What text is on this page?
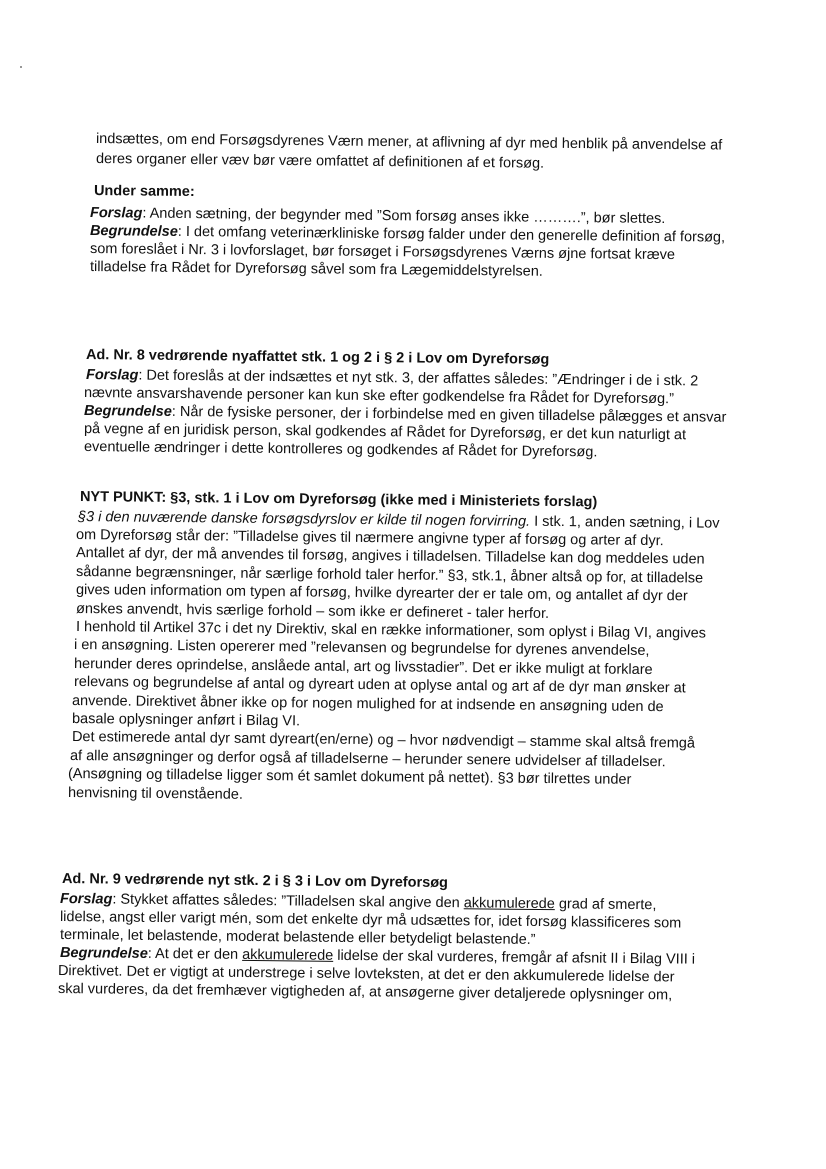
indsættes, om end Forsøgsdyrenes Værn mener, at aflivning af dyr med henblik på anvendelse af
deres organer eller væv bør være omfattet af definitionen af et forsøg.
Under samme:
Forslag: Anden sætning, der begynder med ”Som forsøg anses ikke ……….”, bør slettes.
Begrundelse: I det omfang veterinærkliniske forsøg falder under den generelle definition af forsøg,
som foreslået i Nr. 3 i lovforslaget, bør forsøget i Forsøgsdyrenes Værns øjne fortsat kræve
tilladelse fra Rådet for Dyreforsøg såvel som fra Lægemiddelstyrelsen.
Ad. Nr. 8 vedrørende nyaffattet stk. 1 og 2 i § 2 i Lov om Dyreforsøg
Forslag: Det foreslås at der indsættes et nyt stk. 3, der affattes således: ”Ændringer i de i stk. 2
nævnte ansvarshavende personer kan kun ske efter godkendelse fra Rådet for Dyreforsøg.”
Begrundelse: Når de fysiske personer, der i forbindelse med en given tilladelse pålægges et ansvar
på vegne af en juridisk person, skal godkendes af Rådet for Dyreforsøg, er det kun naturligt at
eventuelle ændringer i dette kontrolleres og godkendes af Rådet for Dyreforsøg.
NYT PUNKT: §3, stk. 1 i Lov om Dyreforsøg (ikke med i Ministeriets forslag)
§3 i den nuværende danske forsøgsdyrslov er kilde til nogen forvirring. I stk. 1, anden sætning, i Lov
om Dyreforsøg står der: ”Tilladelse gives til nærmere angivne typer af forsøg og arter af dyr.
Antallet af dyr, der må anvendes til forsøg, angives i tilladelsen. Tilladelse kan dog meddeles uden
sådanne begrænsninger, når særlige forhold taler herfor.” §3, stk.1, åbner altså op for, at tilladelse
gives uden information om typen af forsøg, hvilke dyrearter der er tale om, og antallet af dyr der
ønskes anvendt, hvis særlige forhold – som ikke er defineret - taler herfor.
I henhold til Artikel 37c i det ny Direktiv, skal en række informationer, som oplyst i Bilag VI, angives
i en ansøgning. Listen opererer med ”relevansen og begrundelse for dyrenes anvendelse,
herunder deres oprindelse, anslåede antal, art og livsstadier”. Det er ikke muligt at forklare
relevans og begrundelse af antal og dyreart uden at oplyse antal og art af de dyr man ønsker at
anvende. Direktivet åbner ikke op for nogen mulighed for at indsende en ansøgning uden de
basale oplysninger anført i Bilag VI.
Det estimerede antal dyr samt dyreart(en/erne) og – hvor nødvendigt – stamme skal altså fremgå
af alle ansøgninger og derfor også af tilladelserne – herunder senere udvidelser af tilladelser.
(Ansøgning og tilladelse ligger som ét samlet dokument på nettet). §3 bør tilrettes under
henvisning til ovenstående.
Ad. Nr. 9 vedrørende nyt stk. 2 i § 3 i Lov om Dyreforsøg
Forslag: Stykket affattes således: ”Tilladelsen skal angive den akkumulerede grad af smerte,
lidelse, angst eller varigt mén, som det enkelte dyr må udsættes for, idet forsøg klassificeres som
terminale, let belastende, moderat belastende eller betydeligt belastende.”
Begrundelse: At det er den akkumulerede lidelse der skal vurderes, fremgår af afsnit II i Bilag VIII i
Direktivet. Det er vigtigt at understrege i selve lovteksten, at det er den akkumulerede lidelse der
skal vurderes, da det fremhæver vigtigheden af, at ansøgerne giver detaljerede oplysninger om,
